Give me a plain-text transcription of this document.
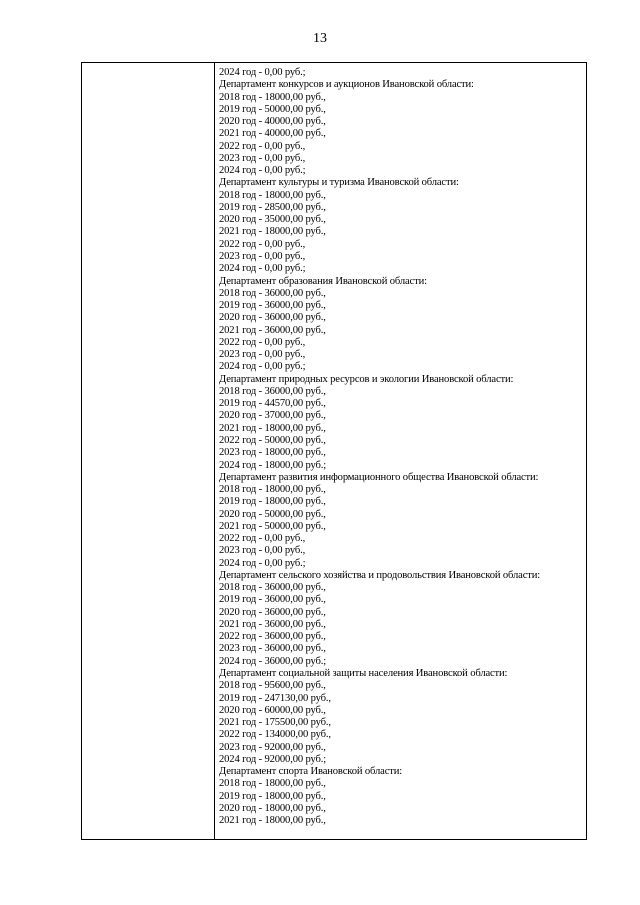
13
2024 год - 0,00 руб.;
Департамент конкурсов и аукционов Ивановской области:
2018 год - 18000,00 руб.,
2019 год - 50000,00 руб.,
2020 год - 40000,00 руб.,
2021 год - 40000,00 руб.,
2022 год - 0,00 руб.,
2023 год - 0,00 руб.,
2024 год - 0,00 руб.;
Департамент культуры и туризма Ивановской области:
2018 год - 18000,00 руб.,
2019 год - 28500,00 руб.,
2020 год - 35000,00 руб.,
2021 год - 18000,00 руб.,
2022 год - 0,00 руб.,
2023 год - 0,00 руб.,
2024 год - 0,00 руб.;
Департамент образования Ивановской области:
2018 год - 36000,00 руб.,
2019 год - 36000,00 руб.,
2020 год - 36000,00 руб.,
2021 год - 36000,00 руб.,
2022 год - 0,00 руб.,
2023 год - 0,00 руб.,
2024 год - 0,00 руб.;
Департамент природных ресурсов и экологии Ивановской области:
2018 год - 36000,00 руб.,
2019 год - 44570,00 руб.,
2020 год - 37000,00 руб.,
2021 год - 18000,00 руб.,
2022 год - 50000,00 руб.,
2023 год - 18000,00 руб.,
2024 год - 18000,00 руб.;
Департамент развития информационного общества Ивановской области:
2018 год - 18000,00 руб.,
2019 год - 18000,00 руб.,
2020 год - 50000,00 руб.,
2021 год - 50000,00 руб.,
2022 год - 0,00 руб.,
2023 год - 0,00 руб.,
2024 год - 0,00 руб.;
Департамент сельского хозяйства и продовольствия Ивановской области:
2018 год - 36000,00 руб.,
2019 год - 36000,00 руб.,
2020 год - 36000,00 руб.,
2021 год - 36000,00 руб.,
2022 год - 36000,00 руб.,
2023 год - 36000,00 руб.,
2024 год - 36000,00 руб.;
Департамент социальной защиты населения Ивановской области:
2018 год - 95600,00 руб.,
2019 год - 247130,00 руб.,
2020 год - 60000,00 руб.,
2021 год - 175500,00 руб.,
2022 год - 134000,00 руб.,
2023 год - 92000,00 руб.,
2024 год - 92000,00 руб.;
Департамент спорта Ивановской области:
2018 год - 18000,00 руб.,
2019 год - 18000,00 руб.,
2020 год - 18000,00 руб.,
2021 год - 18000,00 руб.,
